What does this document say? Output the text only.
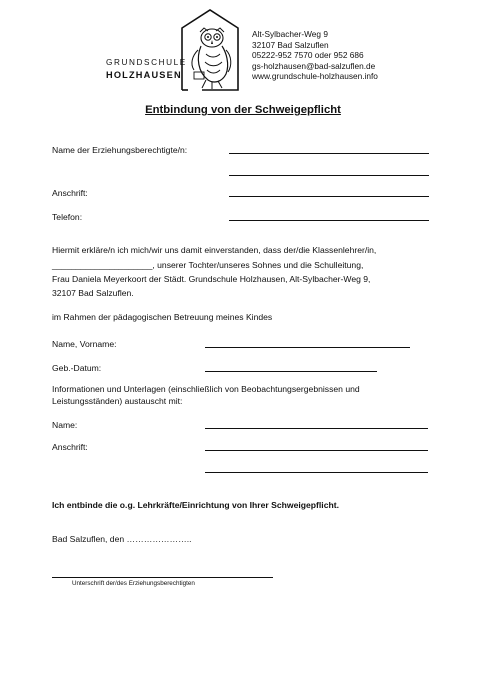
GRUNDSCHULE
HOLZHAUSEN
Alt-Sylbacher-Weg 9
32107 Bad Salzuflen
05222-952 7570 oder 952 686
gs-holzhausen@bad-salzuflen.de
www.grundschule-holzhausen.info
Entbindung von der Schweigepflicht
Name der Erziehungsberechtigte/n:
Anschrift:
Telefon:
Hiermit erkläre/n ich mich/wir uns damit einverstanden, dass der/die Klassenlehrer/in,
_____________________, unserer Tochter/unseres Sohnes und die Schulleitung,
Frau Daniela Meyerkoort der Städt. Grundschule Holzhausen, Alt-Sylbacher-Weg 9,
32107 Bad Salzuflen.
im Rahmen der pädagogischen Betreuung meines Kindes
Name, Vorname:
Geb.-Datum:
Informationen und Unterlagen (einschließlich von Beobachtungsergebnissen und
Leistungsständen) austauscht mit:
Name:
Anschrift:
Ich entbinde die o.g. Lehrkräfte/Einrichtung von Ihrer Schweigepflicht.
Bad Salzuflen, den …………………..
Unterschrift der/des Erziehungsberechtigten
